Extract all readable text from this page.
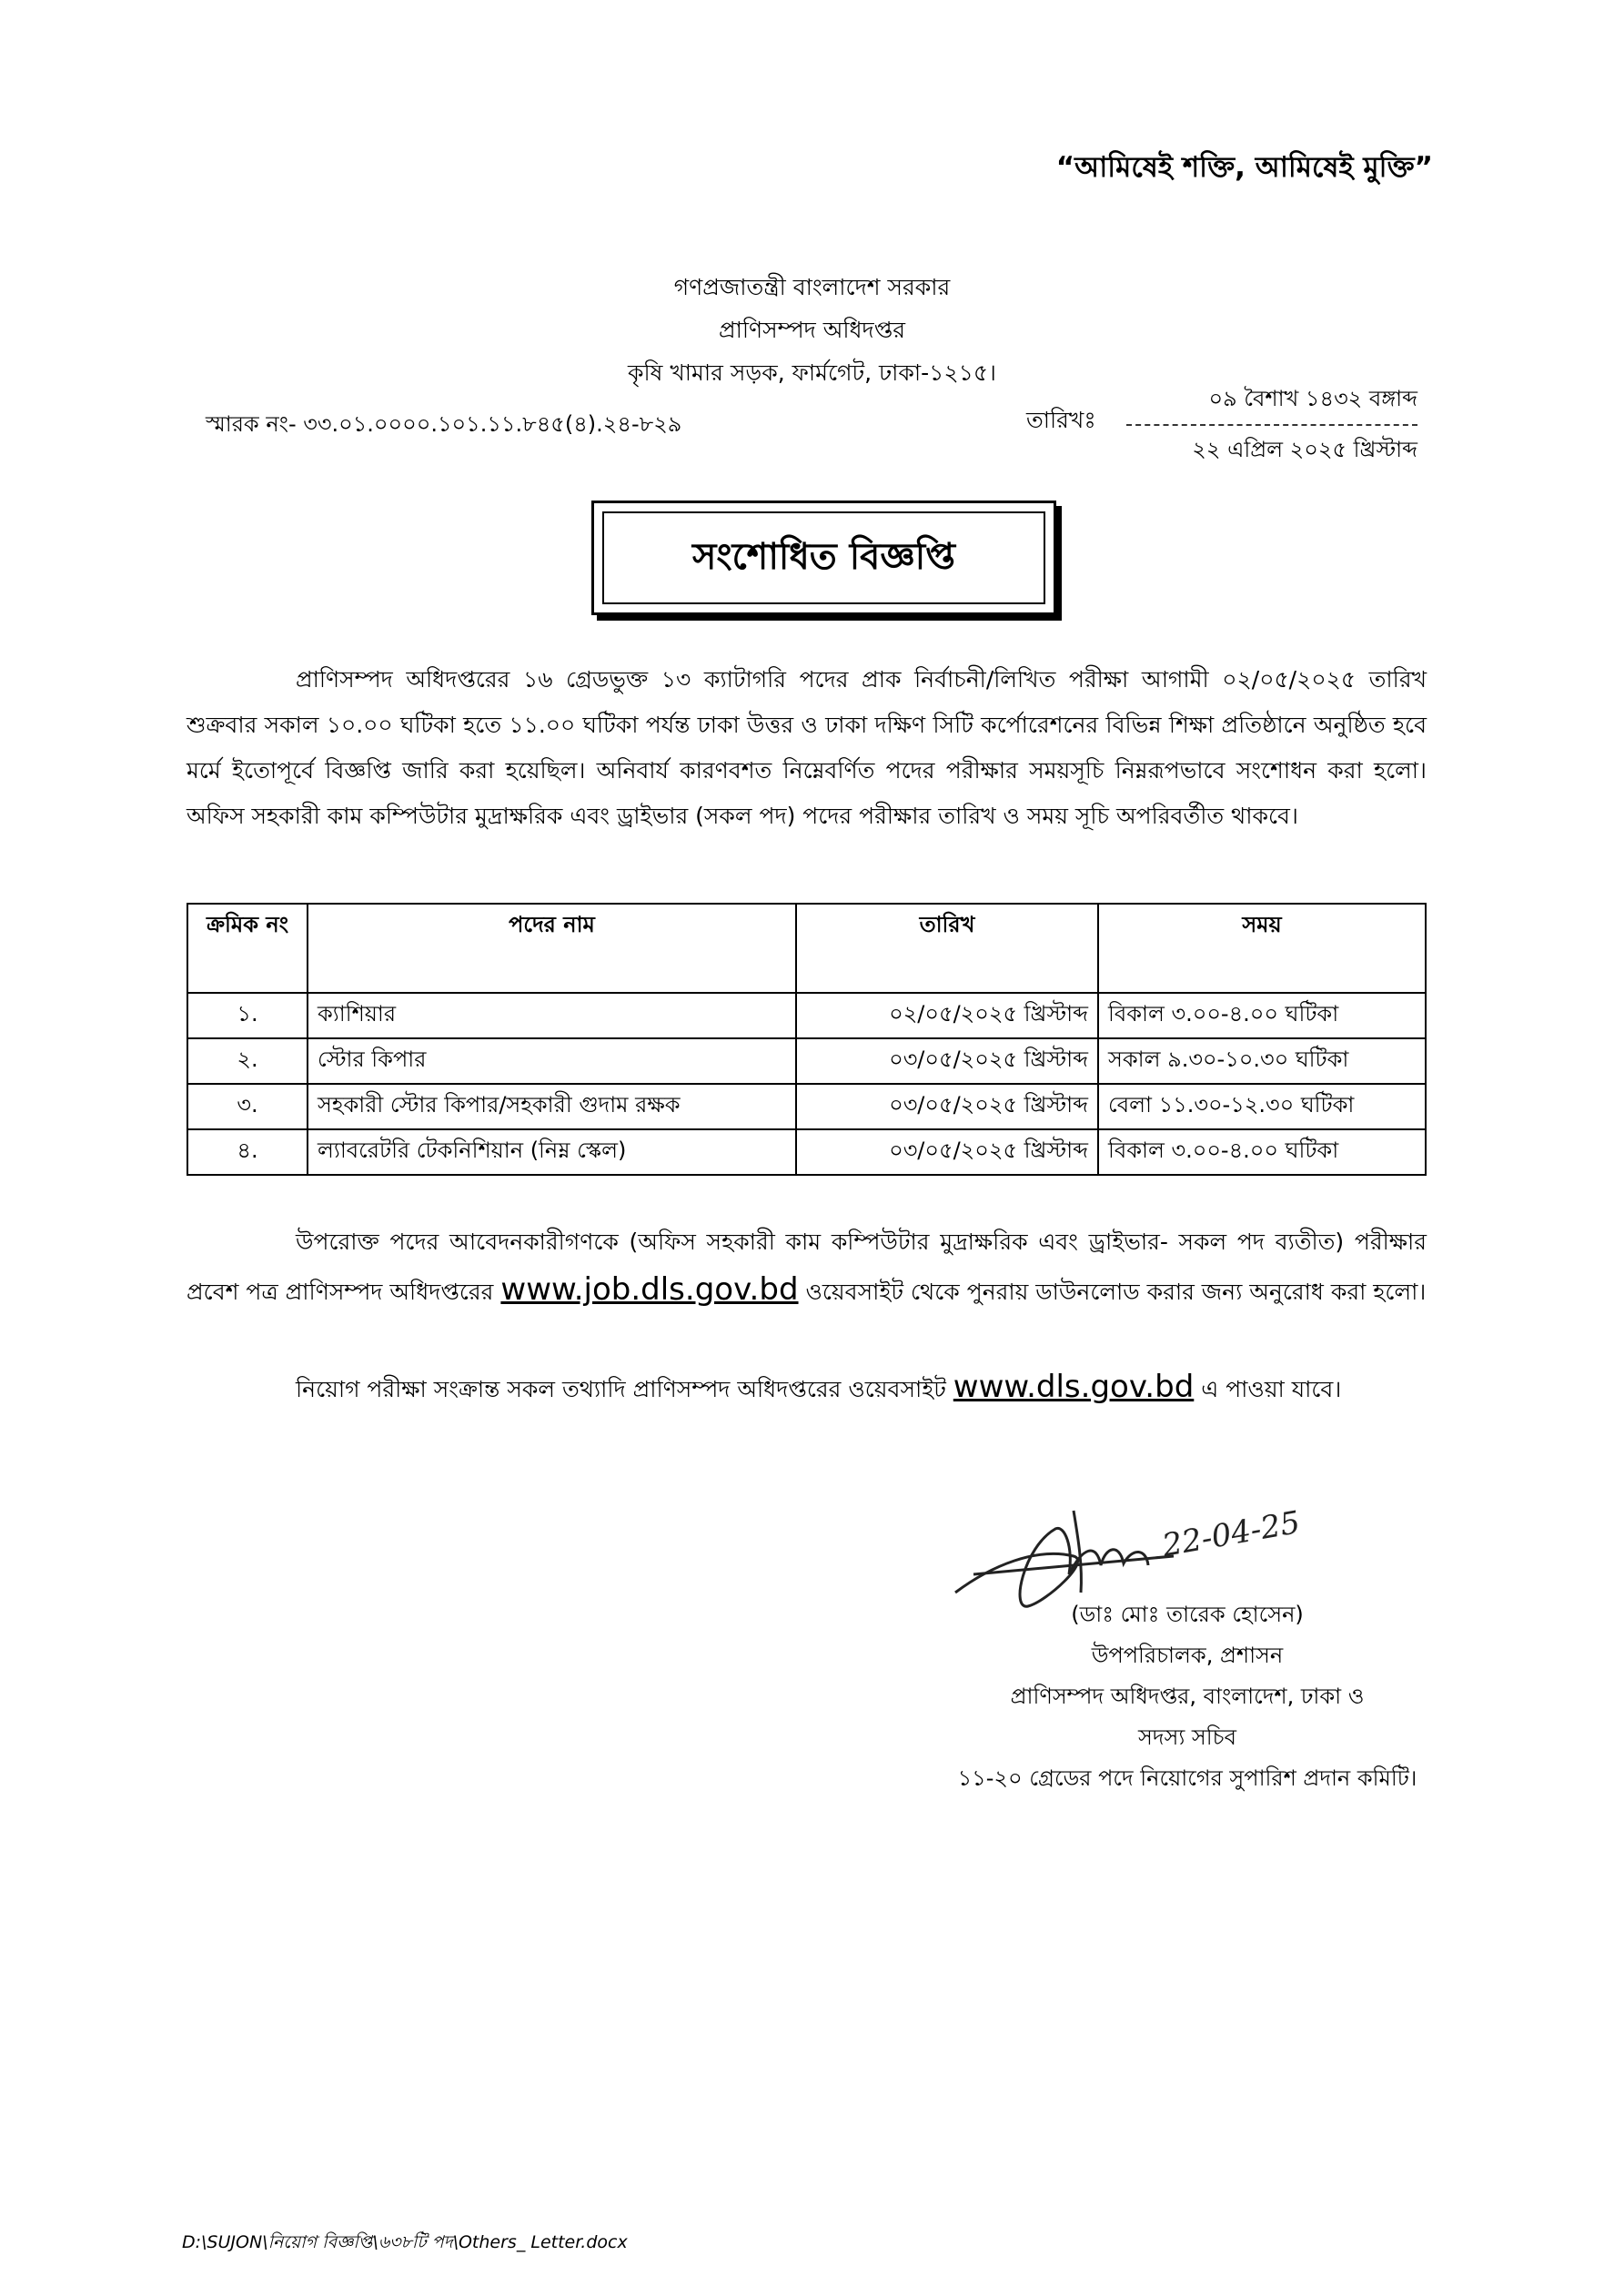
“আমিষেই শক্তি, আমিষেই মুক্তি”
গণপ্রজাতন্ত্রী বাংলাদেশ সরকার
প্রাণিসম্পদ অধিদপ্তর
কৃষি খামার সড়ক, ফার্মগেট, ঢাকা-১২১৫।
স্মারক নং- ৩৩.০১.০০০০.১০১.১১.৮৪৫(৪).২৪-৮২৯	তারিখঃ
০৯ বৈশাখ ১৪৩২ বঙ্গাব্দ
২২ এপ্রিল ২০২৫ খ্রিস্টাব্দ
সংশোধিত বিজ্ঞপ্তি
প্রাণিসম্পদ অধিদপ্তরের ১৬ গ্রেডভুক্ত ১৩ ক্যাটাগরি পদের প্রাক নির্বাচনী/লিখিত পরীক্ষা আগামী ০২/০৫/২০২৫ তারিখ শুক্রবার সকাল ১০.০০ ঘটিকা হতে ১১.০০ ঘটিকা পর্যন্ত ঢাকা উত্তর ও ঢাকা দক্ষিণ সিটি কর্পোরেশনের বিভিন্ন শিক্ষা প্রতিষ্ঠানে অনুষ্ঠিত হবে মর্মে ইতোপূর্বে বিজ্ঞপ্তি জারি করা হয়েছিল। অনিবার্য কারণবশত নিম্নেবর্ণিত পদের পরীক্ষার সময়সূচি নিম্নরূপভাবে সংশোধন করা হলো। অফিস সহকারী কাম কম্পিউটার মুদ্রাক্ষরিক এবং ড্রাইভার (সকল পদ) পদের পরীক্ষার তারিখ ও সময় সূচি অপরিবর্তীত থাকবে।
ক্রমিক নং	পদের নাম	তারিখ	সময়
১.	ক্যাশিয়ার	০২/০৫/২০২৫ খ্রিস্টাব্দ	বিকাল ৩.০০-৪.০০ ঘটিকা
২.	স্টোর কিপার	০৩/০৫/২০২৫ খ্রিস্টাব্দ	সকাল ৯.৩০-১০.৩০ ঘটিকা
৩.	সহকারী স্টোর কিপার/সহকারী গুদাম রক্ষক	০৩/০৫/২০২৫ খ্রিস্টাব্দ	বেলা ১১.৩০-১২.৩০ ঘটিকা
৪.	ল্যাবরেটরি টেকনিশিয়ান (নিম্ন স্কেল)	০৩/০৫/২০২৫ খ্রিস্টাব্দ	বিকাল ৩.০০-৪.০০ ঘটিকা
উপরোক্ত পদের আবেদনকারীগণকে (অফিস সহকারী কাম কম্পিউটার মুদ্রাক্ষরিক এবং ড্রাইভার- সকল পদ ব্যতীত) পরীক্ষার প্রবেশ পত্র প্রাণিসম্পদ অধিদপ্তরের www.job.dls.gov.bd ওয়েবসাইট থেকে পুনরায় ডাউনলোড করার জন্য অনুরোধ করা হলো।
নিয়োগ পরীক্ষা সংক্রান্ত সকল তথ্যাদি প্রাণিসম্পদ অধিদপ্তরের ওয়েবসাইট www.dls.gov.bd এ পাওয়া যাবে।
22-04-25
(ডাঃ মোঃ তারেক হোসেন)
উপপরিচালক, প্রশাসন
প্রাণিসম্পদ অধিদপ্তর, বাংলাদেশ, ঢাকা ও
সদস্য সচিব
১১-২০ গ্রেডের পদে নিয়োগের সুপারিশ প্রদান কমিটি।
D:\SUJON\নিয়োগ বিজ্ঞপ্তি\৬৩৮টি পদ\Others_ Letter.docx
